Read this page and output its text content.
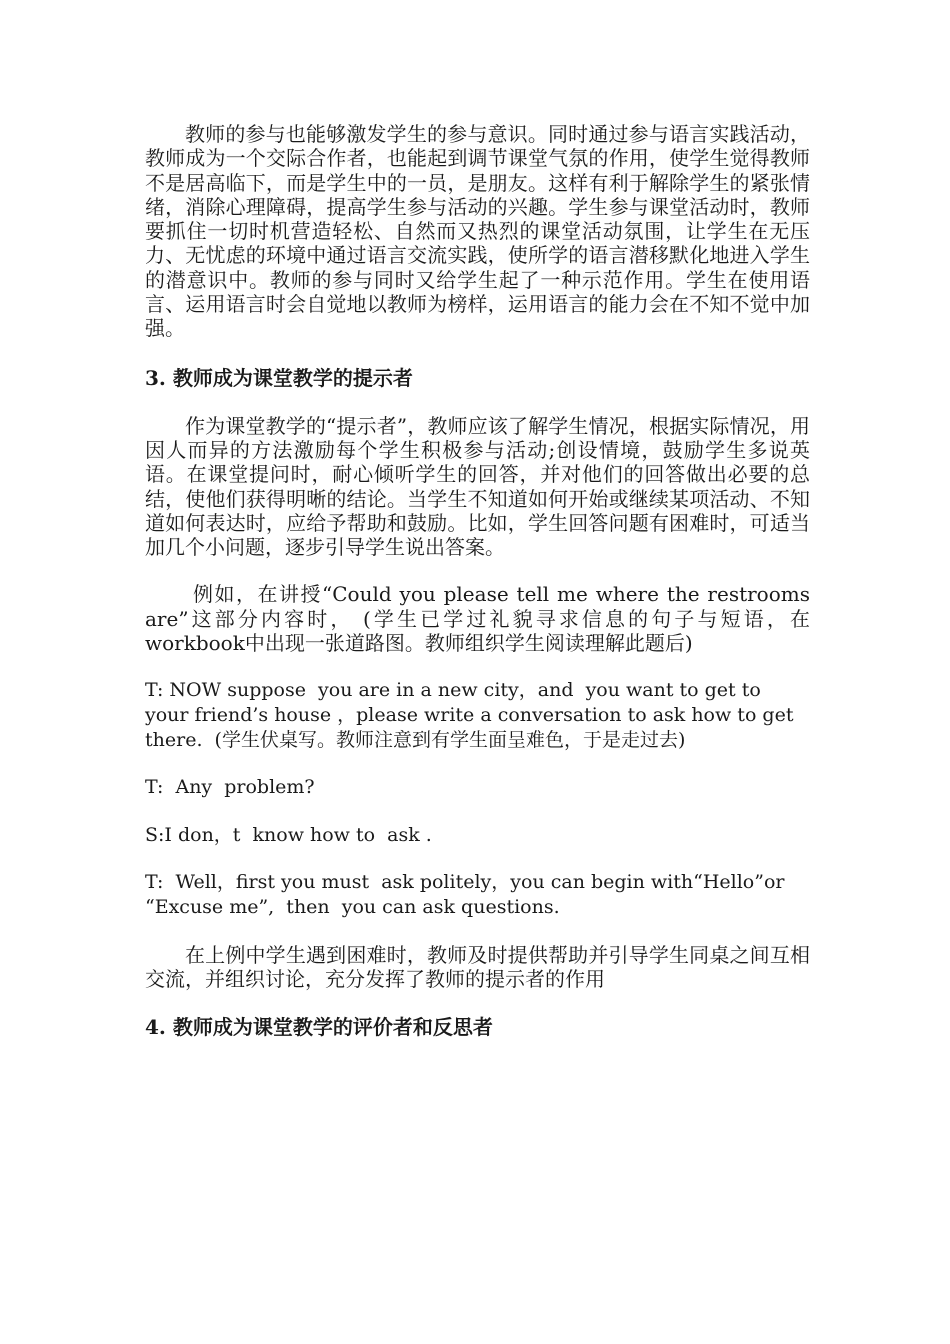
教师的参与也能够激发学生的参与意识。同时通过参与语言实践活动，教师成为一个交际合作者，也能起到调节课堂气氛的作用，使学生觉得教师不是居高临下，而是学生中的一员，是朋友。这样有利于解除学生的紧张情绪，消除心理障碍，提高学生参与活动的兴趣。学生参与课堂活动时，教师要抓住一切时机营造轻松、自然而又热烈的课堂活动氛围，让学生在无压力、无忧虑的环境中通过语言交流实践，使所学的语言潜移默化地进入学生的潜意识中。教师的参与同时又给学生起了一种示范作用。学生在使用语言、运用语言时会自觉地以教师为榜样，运用语言的能力会在不知不觉中加强。

3. 教师成为课堂教学的提示者

作为课堂教学的“提示者”，教师应该了解学生情况，根据实际情况，用因人而异的方法激励每个学生积极参与活动;创设情境，鼓励学生多说英语。在课堂提问时，耐心倾听学生的回答，并对他们的回答做出必要的总结，使他们获得明晰的结论。当学生不知道如何开始或继续某项活动、不知道如何表达时，应给予帮助和鼓励。比如，学生回答问题有困难时，可适当加几个小问题，逐步引导学生说出答案。

例如，在讲授“Could you please tell me where the restrooms are”这部分内容时， (学生已学过礼貌寻求信息的句子与短语，在workbook中出现一张道路图。教师组织学生阅读理解此题后)

T: NOW suppose  you are in a new city，and  you want to get to your friend’s house ，please write a conversation to ask how to get there.  (学生伏桌写。教师注意到有学生面呈难色，于是走过去)

T:  Any  problem?

S:I don，t  know how to  ask .

T:  Well，first you must  ask politely，you can begin with“Hello”or “Excuse me”,  then  you can ask questions.

在上例中学生遇到困难时，教师及时提供帮助并引导学生同桌之间互相交流，并组织讨论，充分发挥了教师的提示者的作用

4. 教师成为课堂教学的评价者和反思者
